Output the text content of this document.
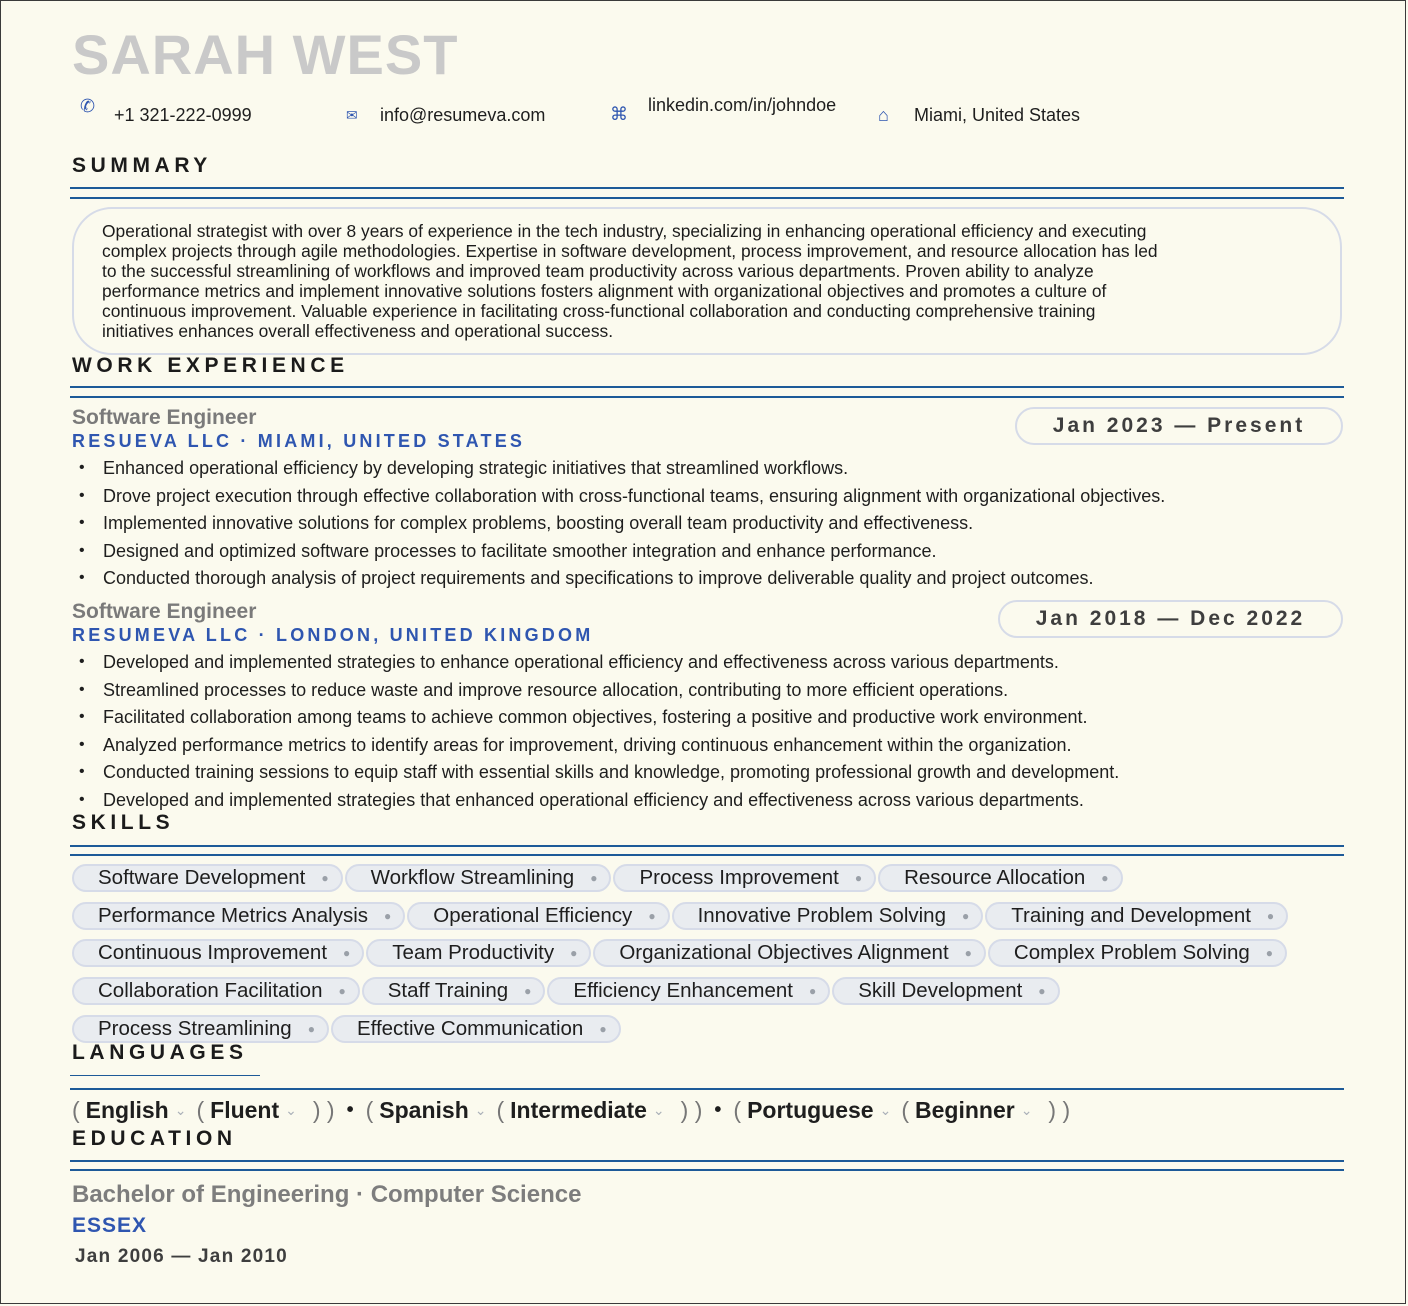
SARAH WEST
✆	+1 321-222-0999	✉	info@resumeva.com	⌘	linkedin.com/in/johndoe ⌂	Miami, United States
SUMMARY
Operational strategist with over 8 years of experience in the tech industry, specializing in enhancing operational efficiency and executing
complex projects through agile methodologies. Expertise in software development, process improvement, and resource allocation has led
to the successful streamlining of workflows and improved team productivity across various departments. Proven ability to analyze
performance metrics and implement innovative solutions fosters alignment with organizational objectives and promotes a culture of
continuous improvement. Valuable experience in facilitating cross-functional collaboration and conducting comprehensive training
initiatives enhances overall effectiveness and operational success.
WORK EXPERIENCE
Software Engineer
RESUEVA LLC · MIAMI, UNITED STATES
Jan 2023 — Present
• Enhanced operational efficiency by developing strategic initiatives that streamlined workflows.
• Drove project execution through effective collaboration with cross-functional teams, ensuring alignment with organizational objectives.
• Implemented innovative solutions for complex problems, boosting overall team productivity and effectiveness.
• Designed and optimized software processes to facilitate smoother integration and enhance performance.
• Conducted thorough analysis of project requirements and specifications to improve deliverable quality and project outcomes.
Software Engineer
RESUMEVA LLC · LONDON, UNITED KINGDOM
Jan 2018 — Dec 2022
• Developed and implemented strategies to enhance operational efficiency and effectiveness across various departments.
• Streamlined processes to reduce waste and improve resource allocation, contributing to more efficient operations.
• Facilitated collaboration among teams to achieve common objectives, fostering a positive and productive work environment.
• Analyzed performance metrics to identify areas for improvement, driving continuous enhancement within the organization.
• Conducted training sessions to equip staff with essential skills and knowledge, promoting professional growth and development.
• Developed and implemented strategies that enhanced operational efficiency and effectiveness across various departments.
SKILLS
Software Development ● Workflow Streamlining ● Process Improvement ● Resource Allocation ●
Performance Metrics Analysis ● Operational Efficiency ● Innovative Problem Solving ● Training and Development ●
Continuous Improvement ● Team Productivity ● Organizational Objectives Alignment ● Complex Problem Solving ●
Collaboration Facilitation ● Staff Training ● Efficiency Enhancement ● Skill Development ●
Process Streamlining ● Effective Communication ●
LANGUAGES
( English ⌄ ( Fluent ⌄ ) ) • ( Spanish ⌄ ( Intermediate ⌄ ) ) • ( Portuguese ⌄ ( Beginner ⌄ ) )
EDUCATION
Bachelor of Engineering · Computer Science
ESSEX
Jan 2006 — Jan 2010
